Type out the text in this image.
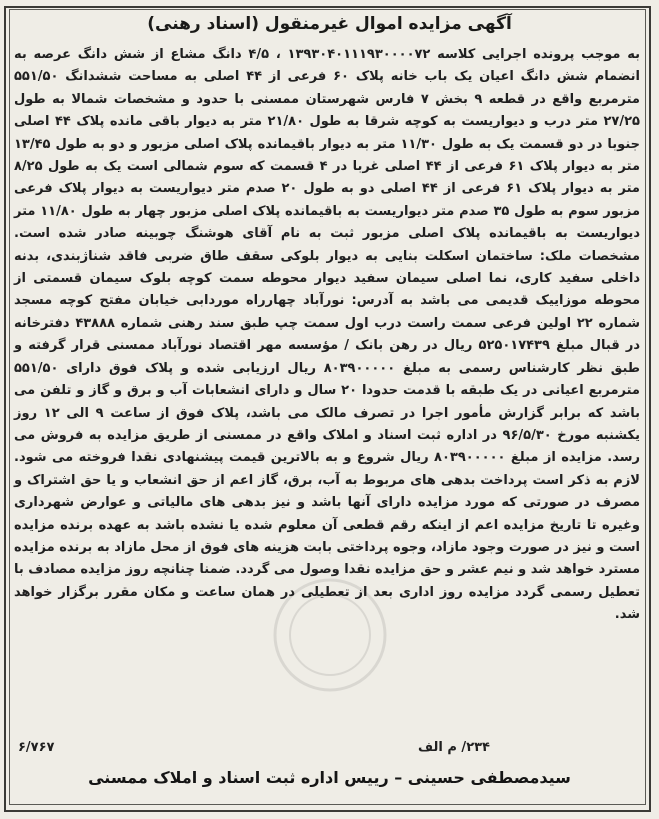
آگهی مزایده اموال غیرمنقول (اسناد رهنی)

به موجب پرونده اجرایی کلاسه ۱۳۹۳۰۴۰۱۱۱۹۳۰۰۰۰۷۲ ، ۴/۵ دانگ مشاع از شش دانگ عرصه به انضمام شش دانگ اعیان یک باب خانه پلاک ۶۰ فرعی از ۴۴ اصلی به مساحت ششدانگ ۵۵۱/۵۰ مترمربع واقع در قطعه ۹ بخش ۷ فارس شهرستان ممسنی با حدود و مشخصات شمالا به طول ۲۷/۲۵ متر درب و دیواریست به کوچه شرقا به طول ۲۱/۸۰ متر به دیوار باقی مانده پلاک ۴۴ اصلی جنوبا در دو قسمت یک به طول ۱۱/۳۰ متر به دیوار باقیمانده پلاک اصلی مزبور و دو به طول ۱۳/۴۵ متر به دیوار پلاک ۶۱ فرعی از ۴۴ اصلی غربا در ۴ قسمت که سوم شمالی است یک به طول ۸/۲۵ متر به دیوار پلاک ۶۱ فرعی از ۴۴ اصلی دو به طول ۲۰ صدم متر دیواریست به دیوار پلاک فرعی مزبور سوم به طول ۳۵ صدم متر دیواریست به باقیمانده پلاک اصلی مزبور چهار به طول ۱۱/۸۰ متر دیواریست به باقیمانده پلاک اصلی مزبور ثبت به نام آقای هوشنگ چوبینه صادر شده است. مشخصات ملک: ساختمان اسکلت بنایی به دیوار بلوکی سقف طاق ضربی فاقد شناژبندی، بدنه داخلی سفید کاری، نما اصلی سیمان سفید دیوار محوطه سمت کوچه بلوک سیمان قسمتی از محوطه موزاییک قدیمی می باشد به آدرس: نورآباد چهارراه موردابی خیابان مفتح کوچه مسجد شماره ۲۲ اولین فرعی سمت راست درب اول سمت چپ طبق سند رهنی شماره ۴۳۸۸۸ دفترخانه در قبال مبلغ ۵۲۵۰۱۷۴۳۹ ریال در رهن بانک / مؤسسه مهر اقتصاد نورآباد ممسنی قرار گرفته و طبق نظر کارشناس رسمی به مبلغ ۸۰۳۹۰۰۰۰۰ ریال ارزیابی شده و پلاک فوق دارای ۵۵۱/۵۰ مترمربع اعیانی در یک طبقه با قدمت حدودا ۲۰ سال و دارای انشعابات آب و برق و گاز و تلفن می باشد که برابر گزارش مأمور اجرا در تصرف مالک می باشد، پلاک فوق از ساعت ۹ الی ۱۲ روز یکشنبه مورخ ۹۶/۵/۳۰ در اداره ثبت اسناد و املاک واقع در ممسنی از طریق مزایده به فروش می رسد. مزایده از مبلغ ۸۰۳۹۰۰۰۰۰ ریال شروع و به بالاترین قیمت پیشنهادی نقدا فروخته می شود. لازم به ذکر است پرداخت بدهی های مربوط به آب، برق، گاز اعم از حق انشعاب و یا حق اشتراک و مصرف در صورتی که مورد مزایده دارای آنها باشد و نیز بدهی های مالیاتی و عوارض شهرداری وغیره تا تاریخ مزایده اعم از اینکه رقم قطعی آن معلوم شده یا نشده باشد به عهده برنده مزایده است و نیز در صورت وجود مازاد، وجوه پرداختی بابت هزینه های فوق از محل مازاد به برنده مزایده مسترد خواهد شد و نیم عشر و حق مزایده نقدا وصول می گردد. ضمنا چنانچه روز مزایده مصادف با تعطیل رسمی گردد مزایده روز اداری بعد از تعطیلی در همان ساعت و مکان مقرر برگزار خواهد شد.

۶/۷۶۷	۲۳۴/ م الف
سیدمصطفی حسینی – رییس اداره ثبت اسناد و املاک ممسنی
